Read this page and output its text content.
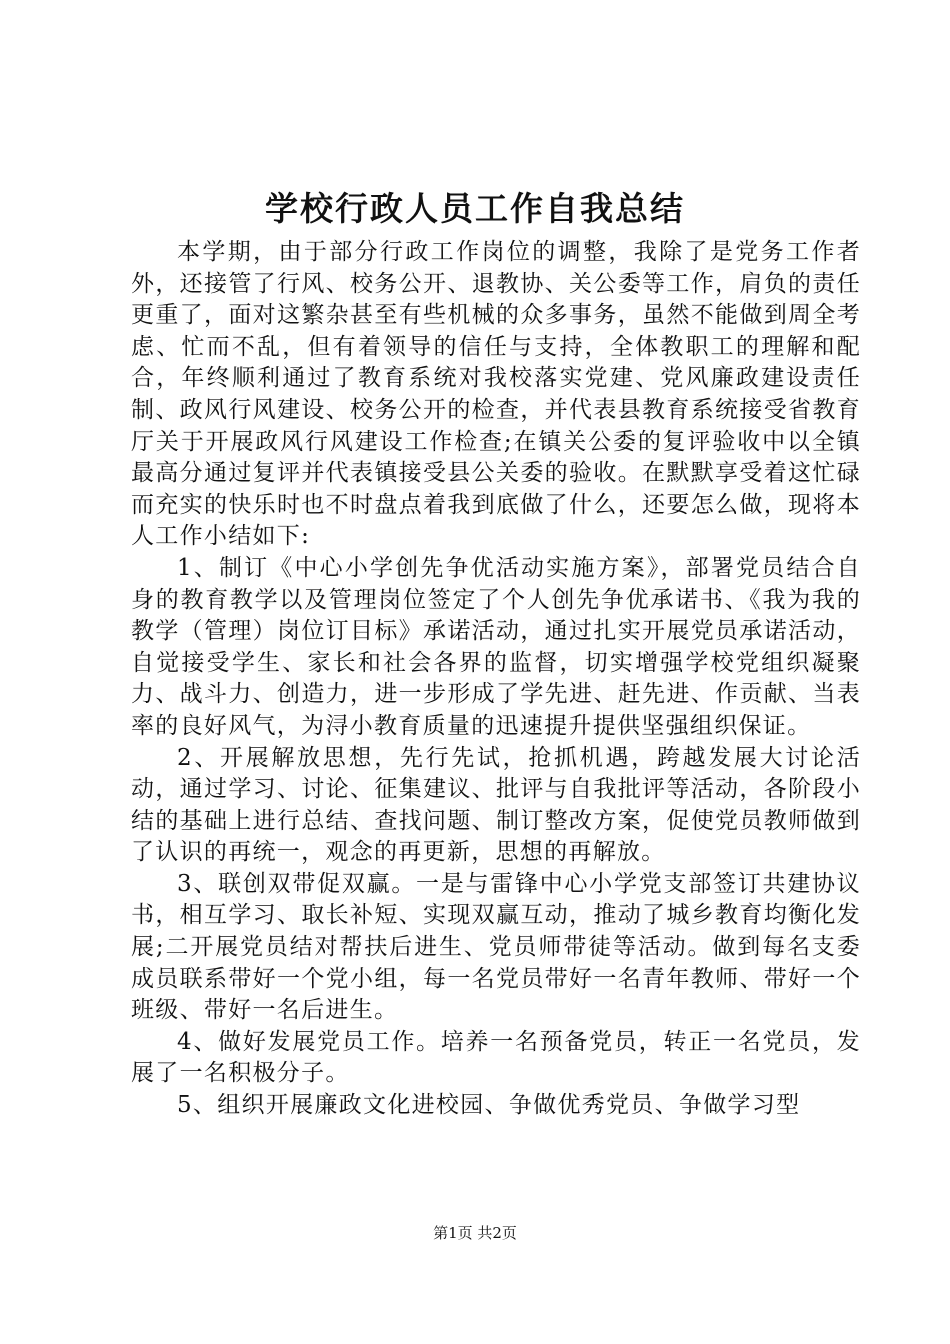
学校行政人员工作自我总结

本学期，由于部分行政工作岗位的调整，我除了是党务工作者外，还接管了行风、校务公开、退教协、关公委等工作，肩负的责任更重了，面对这繁杂甚至有些机械的众多事务，虽然不能做到周全考虑、忙而不乱，但有着领导的信任与支持，全体教职工的理解和配合，年终顺利通过了教育系统对我校落实党建、党风廉政建设责任制、政风行风建设、校务公开的检查，并代表县教育系统接受省教育厅关于开展政风行风建设工作检查;在镇关公委的复评验收中以全镇最高分通过复评并代表镇接受县公关委的验收。在默默享受着这忙碌而充实的快乐时也不时盘点着我到底做了什么，还要怎么做，现将本人工作小结如下:

1、制订《中心小学创先争优活动实施方案》，部署党员结合自身的教育教学以及管理岗位签定了个人创先争优承诺书、《我为我的教学（管理）岗位订目标》承诺活动，通过扎实开展党员承诺活动，自觉接受学生、家长和社会各界的监督，切实增强学校党组织凝聚力、战斗力、创造力，进一步形成了学先进、赶先进、作贡献、当表率的良好风气，为浔小教育质量的迅速提升提供坚强组织保证。

2、开展解放思想，先行先试，抢抓机遇，跨越发展大讨论活动，通过学习、讨论、征集建议、批评与自我批评等活动，各阶段小结的基础上进行总结、查找问题、制订整改方案，促使党员教师做到了认识的再统一，观念的再更新，思想的再解放。

3、联创双带促双赢。一是与雷锋中心小学党支部签订共建协议书，相互学习、取长补短、实现双赢互动，推动了城乡教育均衡化发展;二开展党员结对帮扶后进生、党员师带徒等活动。做到每名支委成员联系带好一个党小组，每一名党员带好一名青年教师、带好一个班级、带好一名后进生。

4、做好发展党员工作。培养一名预备党员，转正一名党员，发展了一名积极分子。

5、组织开展廉政文化进校园、争做优秀党员、争做学习型

第1页 共2页
